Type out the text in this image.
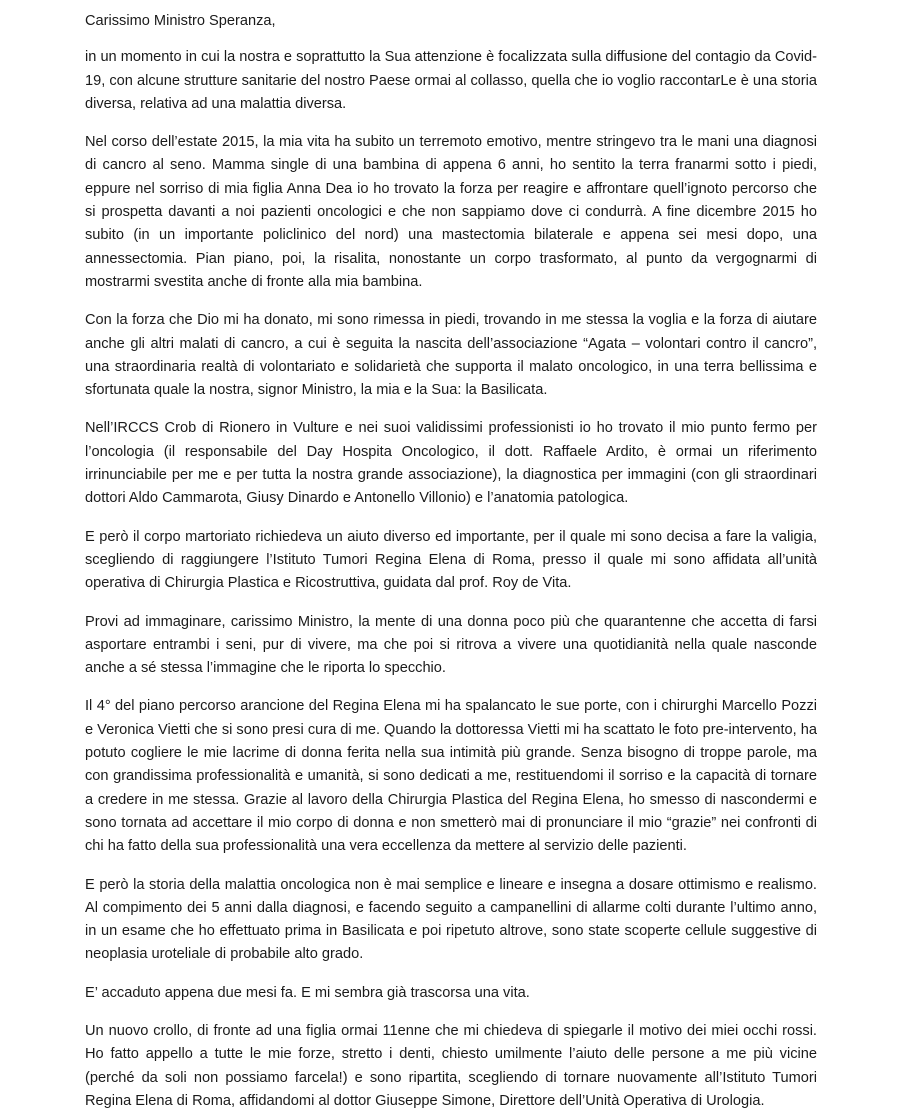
Carissimo Ministro Speranza,

in un momento in cui la nostra e soprattutto la Sua attenzione è focalizzata sulla diffusione del contagio da Covid-19, con alcune strutture sanitarie del nostro Paese ormai al collasso, quella che io voglio raccontarLe è una storia diversa, relativa ad una malattia diversa.

Nel corso dell’estate 2015, la mia vita ha subito un terremoto emotivo, mentre stringevo tra le mani una diagnosi di cancro al seno. Mamma single di una bambina di appena 6 anni, ho sentito la terra franarmi sotto i piedi, eppure nel sorriso di mia figlia Anna Dea io ho trovato la forza per reagire e affrontare quell’ignoto percorso che si prospetta davanti a noi pazienti oncologici e che non sappiamo dove ci condurrà. A fine dicembre 2015 ho subito (in un importante policlinico del nord) una mastectomia bilaterale e appena sei mesi dopo, una annessectomia. Pian piano, poi, la risalita, nonostante un corpo trasformato, al punto da vergognarmi di mostrarmi svestita anche di fronte alla mia bambina.

Con la forza che Dio mi ha donato, mi sono rimessa in piedi, trovando in me stessa la voglia e la forza di aiutare anche gli altri malati di cancro, a cui è seguita la nascita dell’associazione “Agata – volontari contro il cancro”, una straordinaria realtà di volontariato e solidarietà che supporta il malato oncologico, in una terra bellissima e sfortunata quale la nostra, signor Ministro, la mia e la Sua: la Basilicata.

Nell’IRCCS Crob di Rionero in Vulture e nei suoi validissimi professionisti io ho trovato il mio punto fermo per l’oncologia (il responsabile del Day Hospita Oncologico, il dott. Raffaele Ardito, è ormai un riferimento irrinunciabile per me e per tutta la nostra grande associazione), la diagnostica per immagini (con gli straordinari dottori Aldo Cammarota, Giusy Dinardo e Antonello Villonio) e l’anatomia patologica.

E però il corpo martoriato richiedeva un aiuto diverso ed importante, per il quale mi sono decisa a fare la valigia, scegliendo di raggiungere l’Istituto Tumori Regina Elena di Roma, presso il quale mi sono affidata all’unità operativa di Chirurgia Plastica e Ricostruttiva, guidata dal prof. Roy de Vita.

Provi ad immaginare, carissimo Ministro, la mente di una donna poco più che quarantenne che accetta di farsi asportare entrambi i seni, pur di vivere, ma che poi si ritrova a vivere una quotidianità nella quale nasconde anche a sé stessa l’immagine che le riporta lo specchio.

Il 4° del piano percorso arancione del Regina Elena mi ha spalancato le sue porte, con i chirurghi Marcello Pozzi e Veronica Vietti che si sono presi cura di me. Quando la dottoressa Vietti mi ha scattato le foto pre-intervento, ha potuto cogliere le mie lacrime di donna ferita nella sua intimità più grande. Senza bisogno di troppe parole, ma con grandissima professionalità e umanità, si sono dedicati a me, restituendomi il sorriso e la capacità di tornare a credere in me stessa. Grazie al lavoro della Chirurgia Plastica del Regina Elena, ho smesso di nascondermi e sono tornata ad accettare il mio corpo di donna e non smetterò mai di pronunciare il mio “grazie” nei confronti di chi ha fatto della sua professionalità una vera eccellenza da mettere al servizio delle pazienti.

E però la storia della malattia oncologica non è mai semplice e lineare e insegna a dosare ottimismo e realismo. Al compimento dei 5 anni dalla diagnosi, e facendo seguito a campanellini di allarme colti durante l’ultimo anno, in un esame che ho effettuato prima in Basilicata e poi ripetuto altrove, sono state scoperte cellule suggestive di neoplasia uroteliale di probabile alto grado.

E’ accaduto appena due mesi fa. E mi sembra già trascorsa una vita.

Un nuovo crollo, di fronte ad una figlia ormai 11enne che mi chiedeva di spiegarle il motivo dei miei occhi rossi. Ho fatto appello a tutte le mie forze, stretto i denti, chiesto umilmente l’aiuto delle persone a me più vicine (perché da soli non possiamo farcela!) e sono ripartita, scegliendo di tornare nuovamente all’Istituto Tumori Regina Elena di Roma, affidandomi al dottor Giuseppe Simone, Direttore dell’Unità Operativa di Urologia.
